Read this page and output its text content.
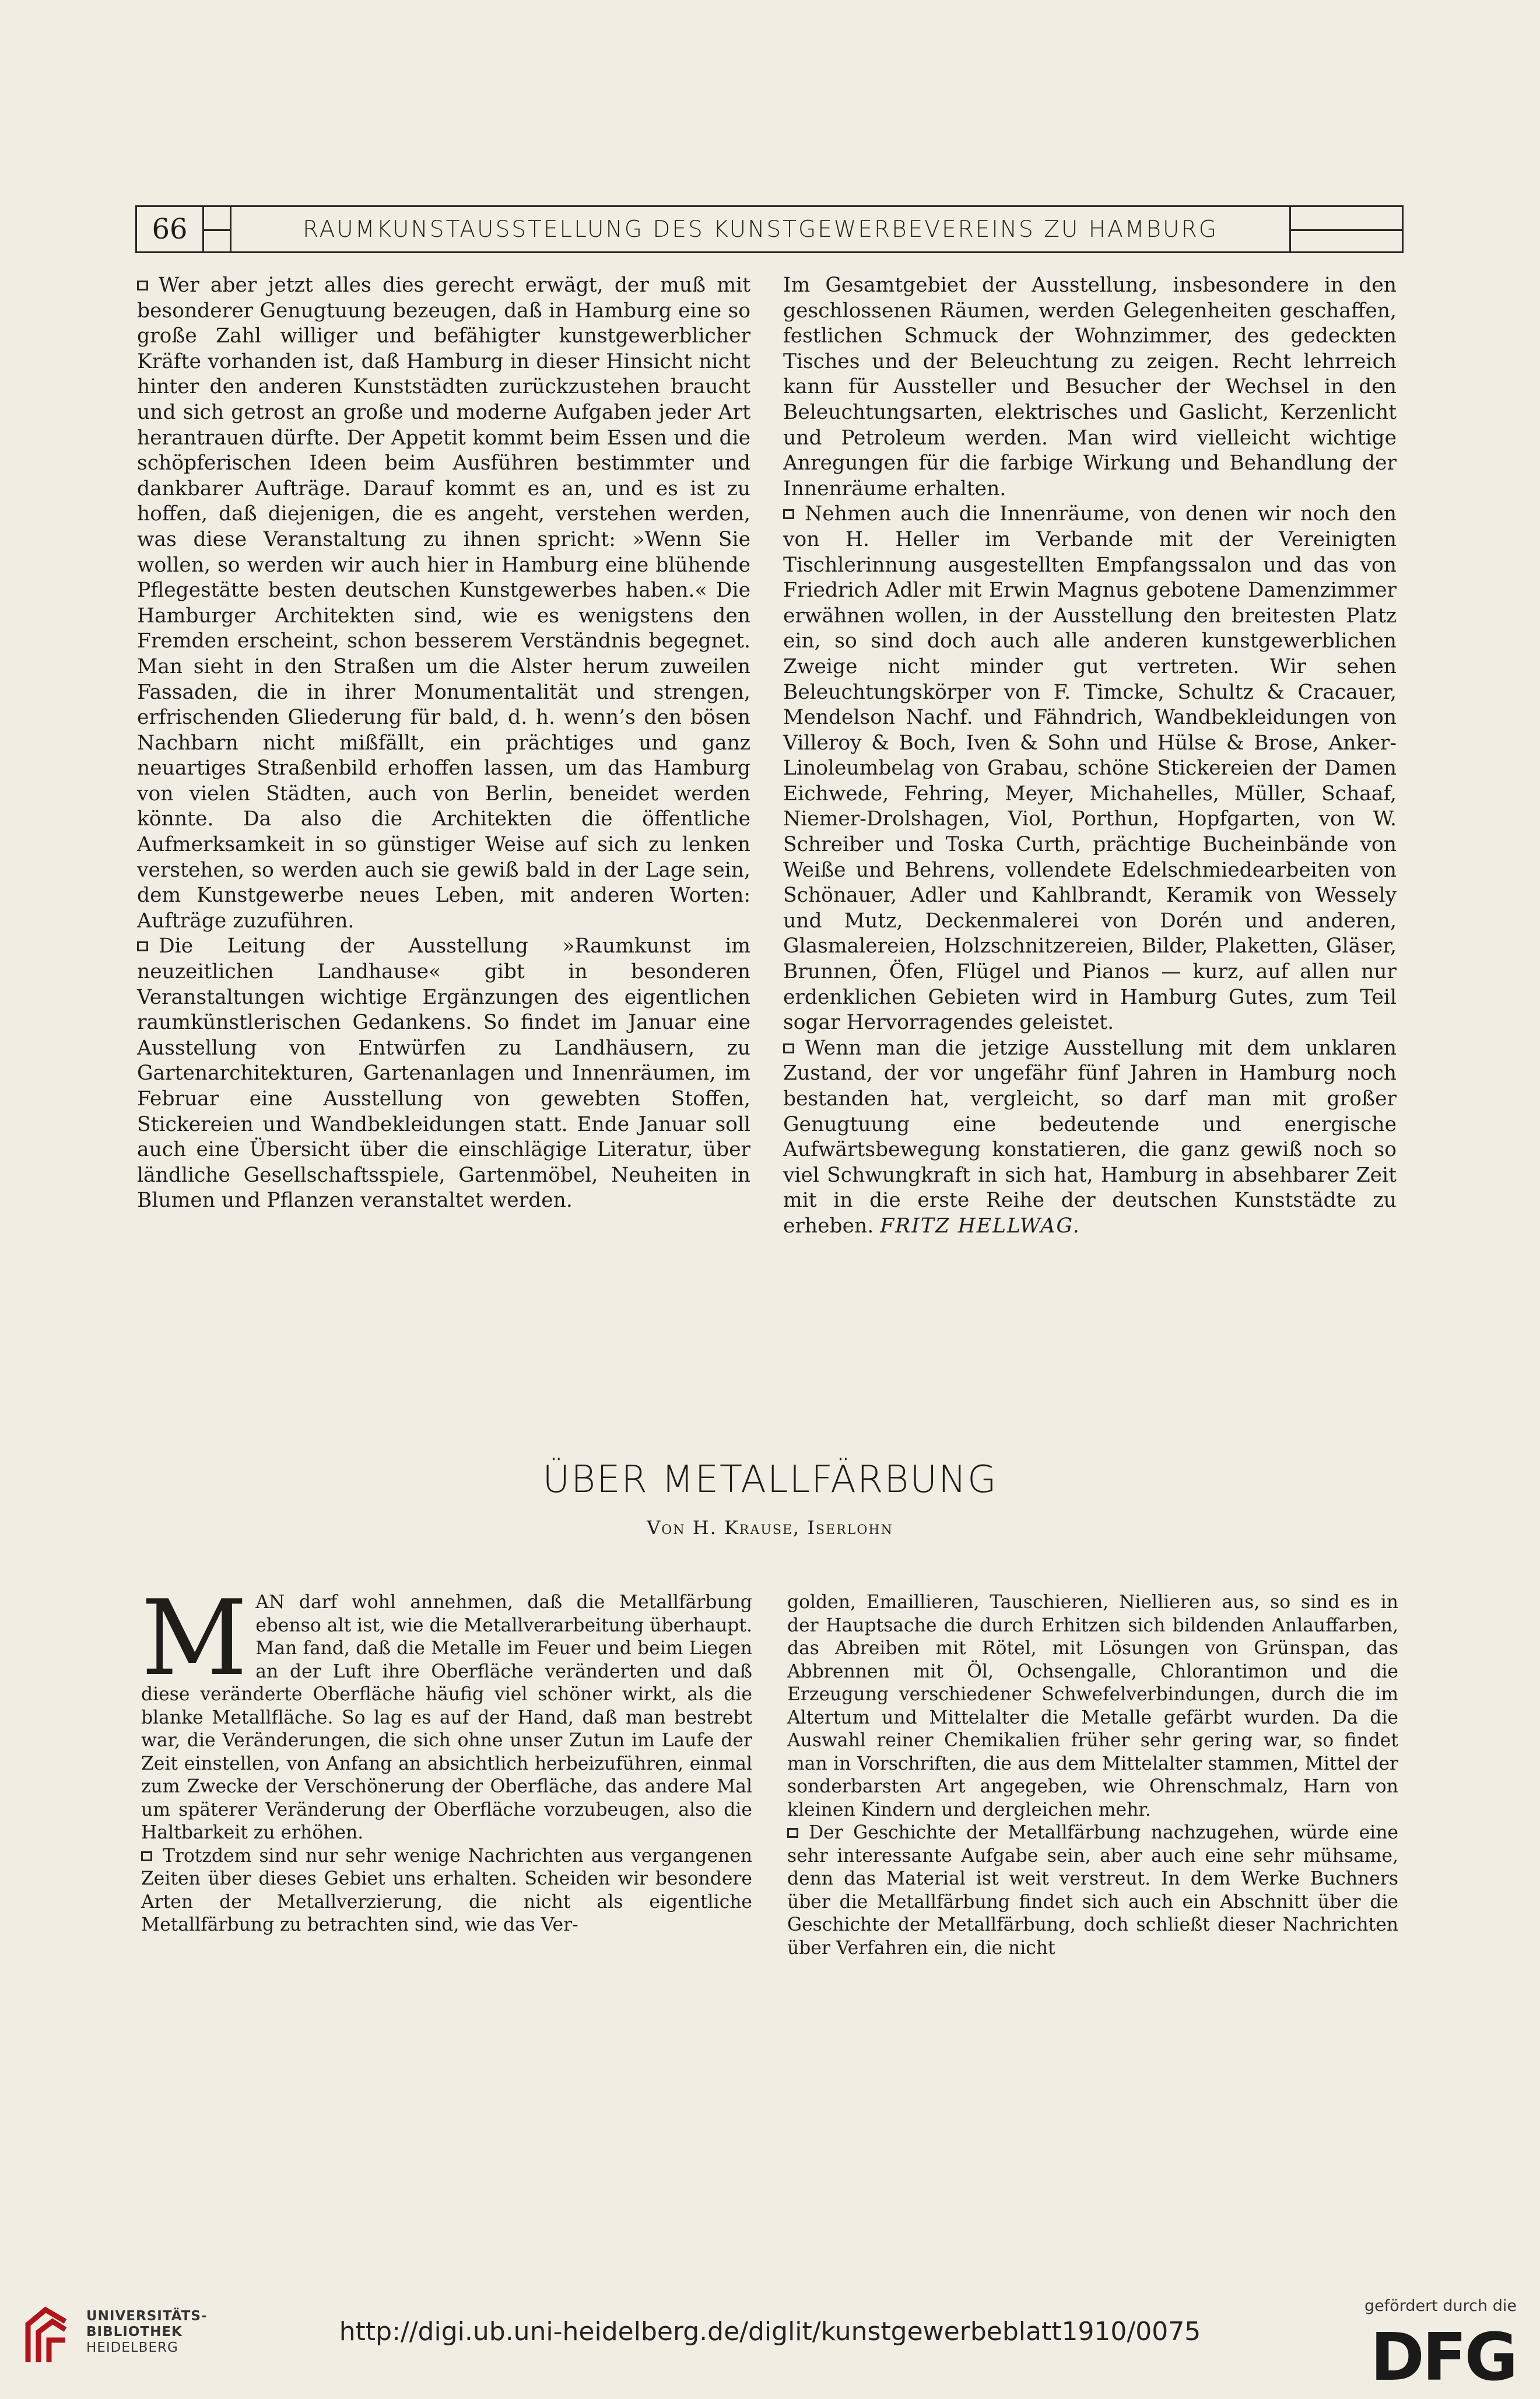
66	RAUMKUNSTAUSSTELLUNG DES KUNSTGEWERBEVEREINS ZU HAMBURG

Wer aber jetzt alles dies gerecht erwägt, der muß mit besonderer Genugtuung bezeugen, daß in Hamburg eine so große Zahl williger und befähigter kunstgewerblicher Kräfte vorhanden ist, daß Hamburg in dieser Hinsicht nicht hinter den anderen Kunststädten zurückzustehen braucht und sich getrost an große und moderne Aufgaben jeder Art herantrauen dürfte. Der Appetit kommt beim Essen und die schöpferischen Ideen beim Ausführen bestimmter und dankbarer Aufträge. Darauf kommt es an, und es ist zu hoffen, daß diejenigen, die es angeht, verstehen werden, was diese Veranstaltung zu ihnen spricht: »Wenn Sie wollen, so werden wir auch hier in Hamburg eine blühende Pflegestätte besten deutschen Kunstgewerbes haben.« Die Hamburger Architekten sind, wie es wenigstens den Fremden erscheint, schon besserem Verständnis begegnet. Man sieht in den Straßen um die Alster herum zuweilen Fassaden, die in ihrer Monumentalität und strengen, erfrischenden Gliederung für bald, d. h. wenn’s den bösen Nachbarn nicht mißfällt, ein prächtiges und ganz neuartiges Straßenbild erhoffen lassen, um das Hamburg von vielen Städten, auch von Berlin, beneidet werden könnte. Da also die Architekten die öffentliche Aufmerksamkeit in so günstiger Weise auf sich zu lenken verstehen, so werden auch sie gewiß bald in der Lage sein, dem Kunstgewerbe neues Leben, mit anderen Worten: Aufträge zuzuführen.

Die Leitung der Ausstellung »Raumkunst im neuzeitlichen Landhause« gibt in besonderen Veranstaltungen wichtige Ergänzungen des eigentlichen raumkünstlerischen Gedankens. So findet im Januar eine Ausstellung von Entwürfen zu Landhäusern, zu Gartenarchitekturen, Gartenanlagen und Innenräumen, im Februar eine Ausstellung von gewebten Stoffen, Stickereien und Wandbekleidungen statt. Ende Januar soll auch eine Übersicht über die einschlägige Literatur, über ländliche Gesellschaftsspiele, Gartenmöbel, Neuheiten in Blumen und Pflanzen veranstaltet werden.

Im Gesamtgebiet der Ausstellung, insbesondere in den geschlossenen Räumen, werden Gelegenheiten geschaffen, festlichen Schmuck der Wohnzimmer, des gedeckten Tisches und der Beleuchtung zu zeigen. Recht lehrreich kann für Aussteller und Besucher der Wechsel in den Beleuchtungsarten, elektrisches und Gaslicht, Kerzenlicht und Petroleum werden. Man wird vielleicht wichtige Anregungen für die farbige Wirkung und Behandlung der Innenräume erhalten.

Nehmen auch die Innenräume, von denen wir noch den von H. Heller im Verbande mit der Vereinigten Tischlerinnung ausgestellten Empfangssalon und das von Friedrich Adler mit Erwin Magnus gebotene Damenzimmer erwähnen wollen, in der Ausstellung den breitesten Platz ein, so sind doch auch alle anderen kunstgewerblichen Zweige nicht minder gut vertreten. Wir sehen Beleuchtungskörper von F. Timcke, Schultz & Cracauer, Mendelson Nachf. und Fähndrich, Wandbekleidungen von Villeroy & Boch, Iven & Sohn und Hülse & Brose, Anker-Linoleumbelag von Grabau, schöne Stickereien der Damen Eichwede, Fehring, Meyer, Michahelles, Müller, Schaaf, Niemer-Drolshagen, Viol, Porthun, Hopfgarten, von W. Schreiber und Toska Curth, prächtige Bucheinbände von Weiße und Behrens, vollendete Edelschmiedearbeiten von Schönauer, Adler und Kahlbrandt, Keramik von Wessely und Mutz, Deckenmalerei von Dorén und anderen, Glasmalereien, Holzschnitzereien, Bilder, Plaketten, Gläser, Brunnen, Öfen, Flügel und Pianos — kurz, auf allen nur erdenklichen Gebieten wird in Hamburg Gutes, zum Teil sogar Hervorragendes geleistet.

Wenn man die jetzige Ausstellung mit dem unklaren Zustand, der vor ungefähr fünf Jahren in Hamburg noch bestanden hat, vergleicht, so darf man mit großer Genugtuung eine bedeutende und energische Aufwärtsbewegung konstatieren, die ganz gewiß noch so viel Schwungkraft in sich hat, Hamburg in absehbarer Zeit mit in die erste Reihe der deutschen Kunststädte zu erheben. FRITZ HELLWAG.

ÜBER METALLFÄRBUNG
Von H. Krause, Iserlohn

MAN darf wohl annehmen, daß die Metallfärbung ebenso alt ist, wie die Metallverarbeitung überhaupt. Man fand, daß die Metalle im Feuer und beim Liegen an der Luft ihre Oberfläche veränderten und daß diese veränderte Oberfläche häufig viel schöner wirkt, als die blanke Metallfläche. So lag es auf der Hand, daß man bestrebt war, die Veränderungen, die sich ohne unser Zutun im Laufe der Zeit einstellen, von Anfang an absichtlich herbeizuführen, einmal zum Zwecke der Verschönerung der Oberfläche, das andere Mal um späterer Veränderung der Oberfläche vorzubeugen, also die Haltbarkeit zu erhöhen.

Trotzdem sind nur sehr wenige Nachrichten aus vergangenen Zeiten über dieses Gebiet uns erhalten. Scheiden wir besondere Arten der Metallverzierung, die nicht als eigentliche Metallfärbung zu betrachten sind, wie das Ver-

golden, Emaillieren, Tauschieren, Niellieren aus, so sind es in der Hauptsache die durch Erhitzen sich bildenden Anlauffarben, das Abreiben mit Rötel, mit Lösungen von Grünspan, das Abbrennen mit Öl, Ochsengalle, Chlorantimon und die Erzeugung verschiedener Schwefelverbindungen, durch die im Altertum und Mittelalter die Metalle gefärbt wurden. Da die Auswahl reiner Chemikalien früher sehr gering war, so findet man in Vorschriften, die aus dem Mittelalter stammen, Mittel der sonderbarsten Art angegeben, wie Ohrenschmalz, Harn von kleinen Kindern und dergleichen mehr.

Der Geschichte der Metallfärbung nachzugehen, würde eine sehr interessante Aufgabe sein, aber auch eine sehr mühsame, denn das Material ist weit verstreut. In dem Werke Buchners über die Metallfärbung findet sich auch ein Abschnitt über die Geschichte der Metallfärbung, doch schließt dieser Nachrichten über Verfahren ein, die nicht

UNIVERSITÄTS-
BIBLIOTHEK
HEIDELBERG
http://digi.ub.uni-heidelberg.de/diglit/kunstgewerbeblatt1910/0075
gefördert durch die
DFG
